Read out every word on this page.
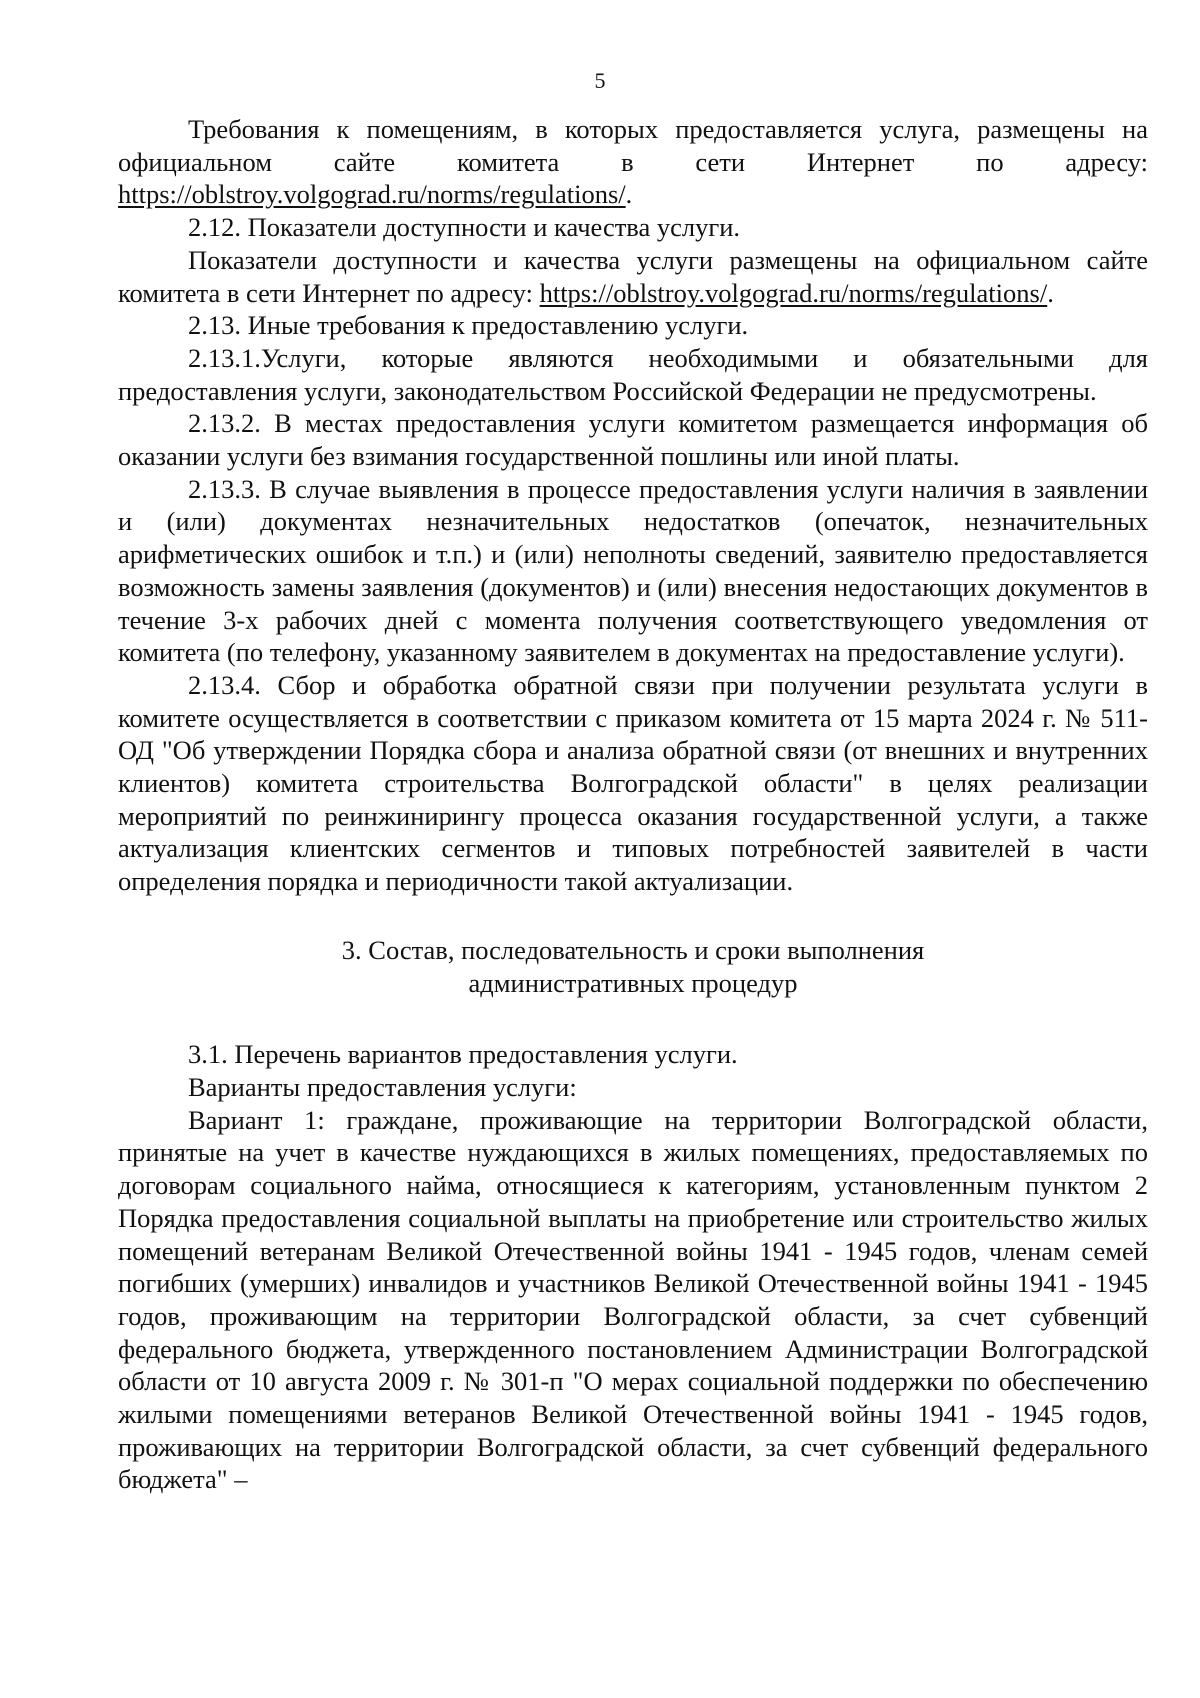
5

Требования к помещениям, в которых предоставляется услуга, размещены на официальном сайте комитета в сети Интернет по адресу: https://oblstroy.volgograd.ru/norms/regulations/.

2.12. Показатели доступности и качества услуги.

Показатели доступности и качества услуги размещены на официальном сайте комитета в сети Интернет по адресу: https://oblstroy.volgograd.ru/norms/regulations/.

2.13. Иные требования к предоставлению услуги.

2.13.1.Услуги, которые являются необходимыми и обязательными для предоставления услуги, законодательством Российской Федерации не предусмотрены.

2.13.2. В местах предоставления услуги комитетом размещается информация об оказании услуги без взимания государственной пошлины или иной платы.

2.13.3. В случае выявления в процессе предоставления услуги наличия в заявлении и (или) документах незначительных недостатков (опечаток, незначительных арифметических ошибок и т.п.) и (или) неполноты сведений, заявителю предоставляется возможность замены заявления (документов) и (или) внесения недостающих документов в течение 3-х рабочих дней с момента получения соответствующего уведомления от комитета (по телефону, указанному заявителем в документах на предоставление услуги).

2.13.4. Сбор и обработка обратной связи при получении результата услуги в комитете осуществляется в соответствии с приказом комитета от 15 марта 2024 г. № 511-ОД "Об утверждении Порядка сбора и анализа обратной связи (от внешних и внутренних клиентов) комитета строительства Волгоградской области" в целях реализации мероприятий по реинжинирингу процесса оказания государственной услуги, а также актуализация клиентских сегментов и типовых потребностей заявителей в части определения порядка и периодичности такой актуализации.

3. Состав, последовательность и сроки выполнения
административных процедур

3.1. Перечень вариантов предоставления услуги.

Варианты предоставления услуги:

Вариант 1: граждане, проживающие на территории Волгоградской области, принятые на учет в качестве нуждающихся в жилых помещениях, предоставляемых по договорам социального найма, относящиеся к категориям, установленным пунктом 2 Порядка предоставления социальной выплаты на приобретение или строительство жилых помещений ветеранам Великой Отечественной войны 1941 - 1945 годов, членам семей погибших (умерших) инвалидов и участников Великой Отечественной войны 1941 - 1945 годов, проживающим на территории Волгоградской области, за счет субвенций федерального бюджета, утвержденного постановлением Администрации Волгоградской области от 10 августа 2009 г. № 301-п "О мерах социальной поддержки по обеспечению жилыми помещениями ветеранов Великой Отечественной войны 1941 - 1945 годов, проживающих на территории Волгоградской области, за счет субвенций федерального бюджета" –
